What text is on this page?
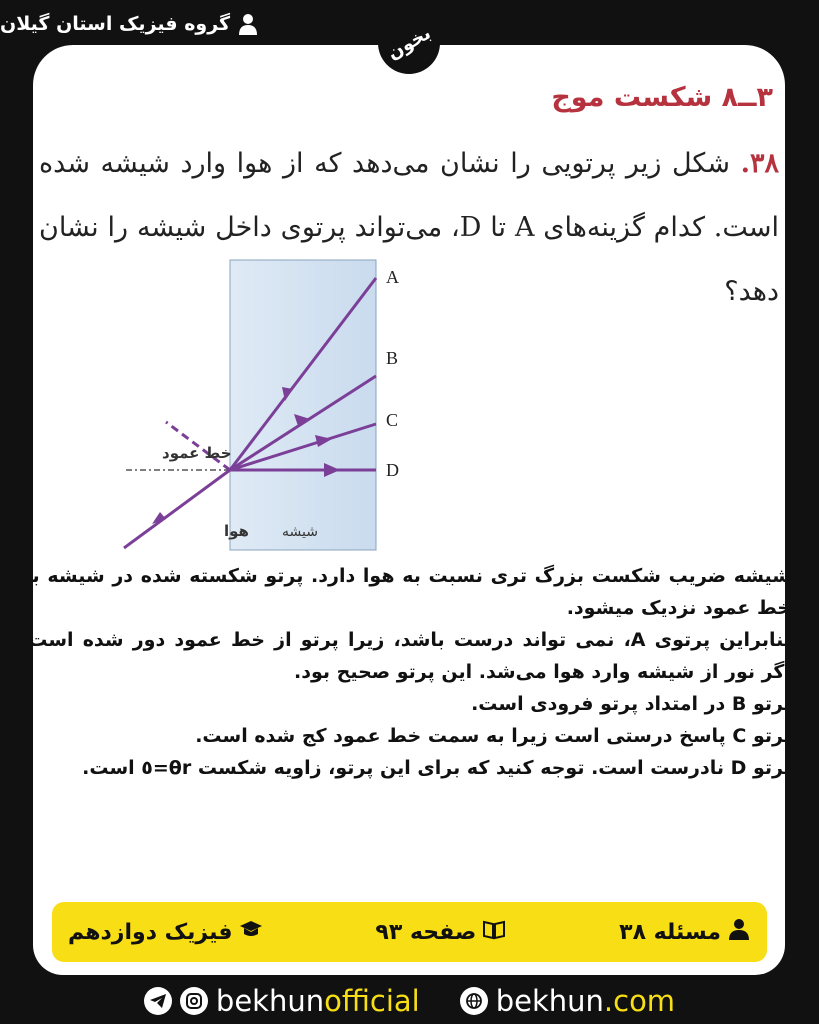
گروه فیزیک استان گیلان	بخون
۳ــ۸ شکست موج
۳۸. شکل زیر پرتویی را نشان می‌دهد که از هوا وارد شیشه شده است. کدام گزینه‌های A تا D، می‌تواند پرتوی داخل شیشه را نشان دهد؟
A
B
C
D
خط عمود
هوا شیشه

شیشه ضریب شکست بزرگ تری نسبت به هوا دارد. پرتو شکسته شده در شیشه به خط عمود نزدیک میشود.

بنابراین پرتوی A، نمی تواند درست باشد، زیرا پرتو از خط عمود دور شده است. اگر نور از شیشه وارد هوا می‌شد. این پرتو صحیح بود.

پرتو B در امتداد پرتو فرودی است.

پرتو C پاسخ درستی است زیرا به سمت خط عمود کج شده است.

پرتو D نادرست است. توجه کنید که برای این پرتو، زاویه شکست θr=٥ است.

مسئله ۳۸
صفحه ۹۳
فیزیک دوازدهم
bekhunofficial	bekhun.com
